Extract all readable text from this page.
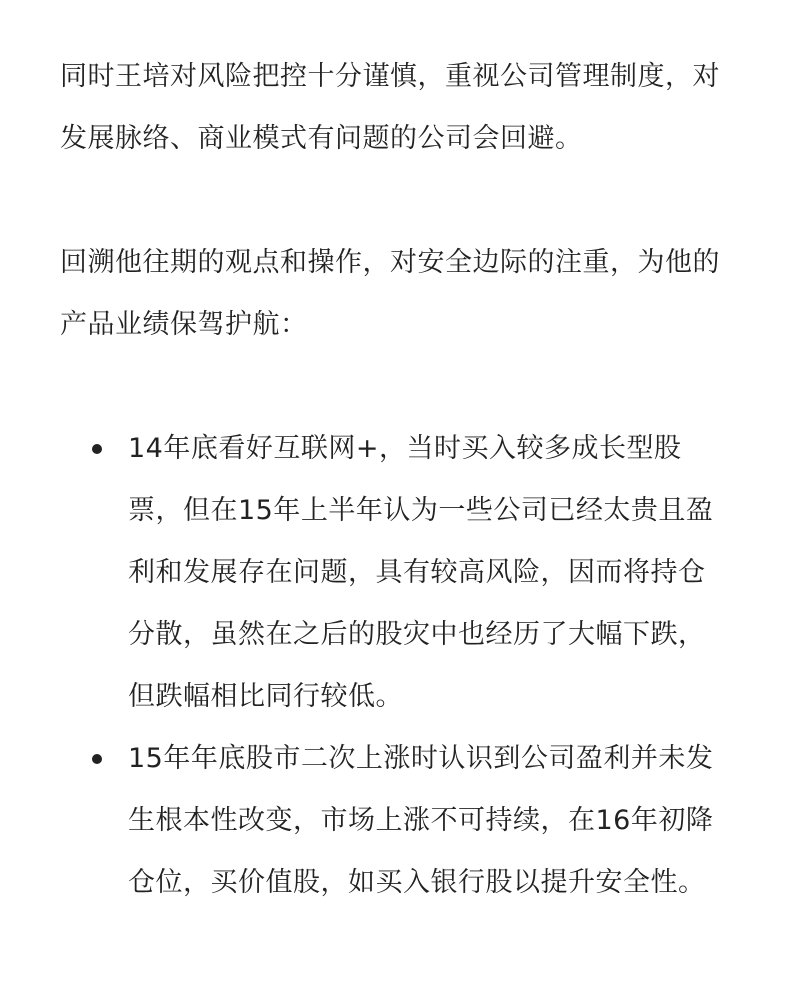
同时王培对风险把控十分谨慎，重视公司管理制度，对发展脉络、商业模式有问题的公司会回避。

回溯他往期的观点和操作，对安全边际的注重，为他的产品业绩保驾护航：

14年底看好互联网+，当时买入较多成长型股票，但在15年上半年认为一些公司已经太贵且盈利和发展存在问题，具有较高风险，因而将持仓分散，虽然在之后的股灾中也经历了大幅下跌，但跌幅相比同行较低。
15年年底股市二次上涨时认识到公司盈利并未发生根本性改变，市场上涨不可持续，在16年初降仓位，买价值股，如买入银行股以提升安全性。
